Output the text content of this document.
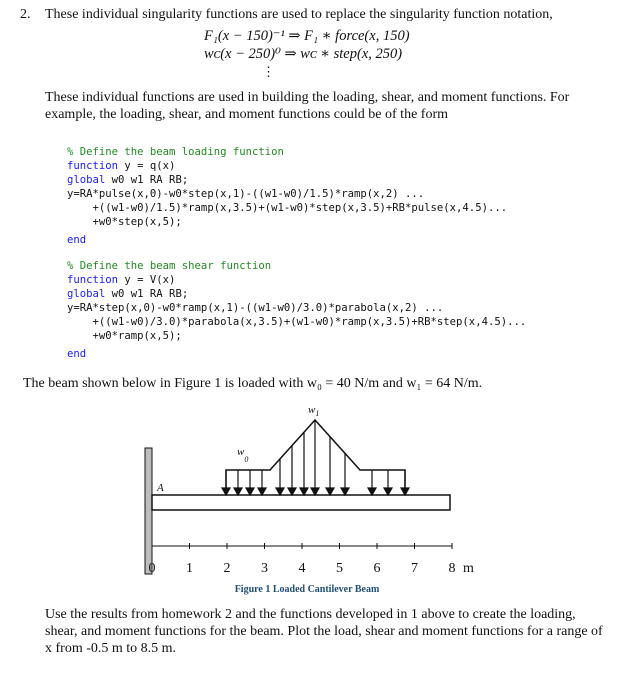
2. These individual singularity functions are used to replace the singularity function notation,
F₁(x − 150)⁻¹ ⇒ F₁ ∗ force(x, 150)
wᴄ(x − 250)⁰ ⇒ wᴄ ∗ step(x, 250)
⋮
These individual functions are used in building the loading, shear, and moment functions. For example, the loading, shear, and moment functions could be of the form
% Define the beam loading function
function y = q(x)
global w0 w1 RA RB;
y=RA*pulse(x,0)-w0*step(x,1)-((w1-w0)/1.5)*ramp(x,2) ...
+((w1-w0)/1.5)*ramp(x,3.5)+(w1-w0)*step(x,3.5)+RB*pulse(x,4.5)...
+w0*step(x,5);
end
% Define the beam shear function
function y = V(x)
global w0 w1 RA RB;
y=RA*step(x,0)-w0*ramp(x,1)-((w1-w0)/3.0)*parabola(x,2) ...
+((w1-w0)/3.0)*parabola(x,3.5)+(w1-w0)*ramp(x,3.5)+RB*step(x,4.5)...
+w0*ramp(x,5);
end
The beam shown below in Figure 1 is loaded with w₀ = 40 N/m and w₁ = 64 N/m.
A
$w_1$
$w_0$
0 1 2 3 4 5 6 7 8 m
Figure 1 Loaded Cantilever Beam
Use the results from homework 2 and the functions developed in 1 above to create the loading, shear, and moment functions for the beam. Plot the load, shear and moment functions for a range of x from -0.5 m to 8.5 m.
